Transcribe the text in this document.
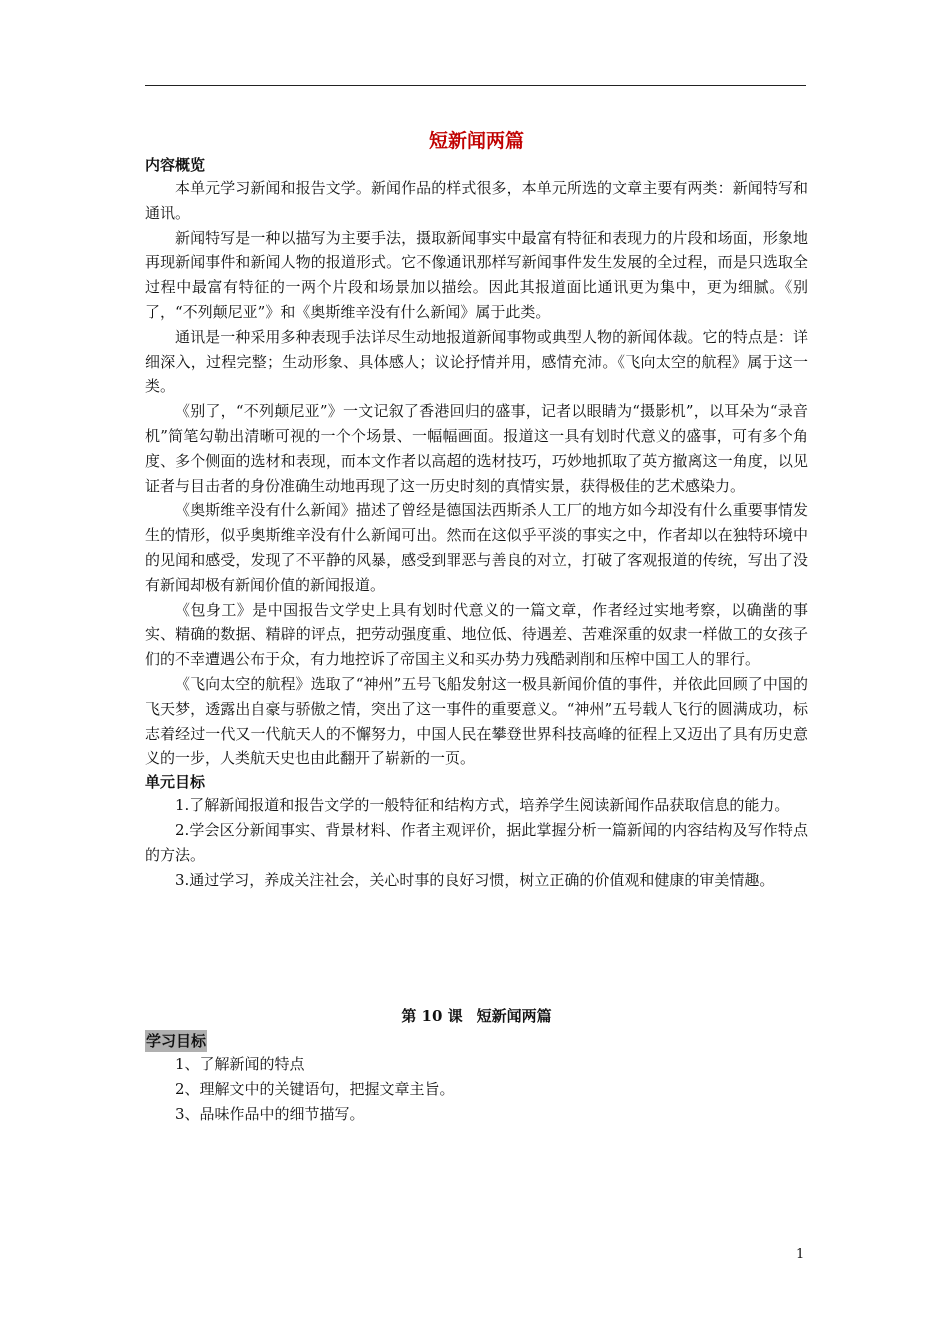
短新闻两篇
内容概览

本单元学习新闻和报告文学。新闻作品的样式很多，本单元所选的文章主要有两类：新闻特写和通讯。

新闻特写是一种以描写为主要手法，摄取新闻事实中最富有特征和表现力的片段和场面，形象地再现新闻事件和新闻人物的报道形式。它不像通讯那样写新闻事件发生发展的全过程，而是只选取全过程中最富有特征的一两个片段和场景加以描绘。因此其报道面比通讯更为集中，更为细腻。《别了，“不列颠尼亚”》和《奥斯维辛没有什么新闻》属于此类。

通讯是一种采用多种表现手法详尽生动地报道新闻事物或典型人物的新闻体裁。它的特点是：详细深入，过程完整；生动形象、具体感人；议论抒情并用，感情充沛。《飞向太空的航程》属于这一类。

《别了，“不列颠尼亚”》一文记叙了香港回归的盛事，记者以眼睛为“摄影机”，以耳朵为“录音机”简笔勾勒出清晰可视的一个个场景、一幅幅画面。报道这一具有划时代意义的盛事，可有多个角度、多个侧面的选材和表现，而本文作者以高超的选材技巧，巧妙地抓取了英方撤离这一角度，以见证者与目击者的身份准确生动地再现了这一历史时刻的真情实景，获得极佳的艺术感染力。

《奥斯维辛没有什么新闻》描述了曾经是德国法西斯杀人工厂的地方如今却没有什么重要事情发生的情形，似乎奥斯维辛没有什么新闻可出。然而在这似乎平淡的事实之中，作者却以在独特环境中的见闻和感受，发现了不平静的风暴，感受到罪恶与善良的对立，打破了客观报道的传统，写出了没有新闻却极有新闻价值的新闻报道。

《包身工》是中国报告文学史上具有划时代意义的一篇文章，作者经过实地考察，以确凿的事实、精确的数据、精辟的评点，把劳动强度重、地位低、待遇差、苦难深重的奴隶一样做工的女孩子们的不幸遭遇公布于众，有力地控诉了帝国主义和买办势力残酷剥削和压榨中国工人的罪行。

《飞向太空的航程》选取了“神州”五号飞船发射这一极具新闻价值的事件，并依此回顾了中国的飞天梦，透露出自豪与骄傲之情，突出了这一事件的重要意义。“神州”五号载人飞行的圆满成功，标志着经过一代又一代航天人的不懈努力，中国人民在攀登世界科技高峰的征程上又迈出了具有历史意义的一步，人类航天史也由此翻开了崭新的一页。

单元目标

1.了解新闻报道和报告文学的一般特征和结构方式，培养学生阅读新闻作品获取信息的能力。

2.学会区分新闻事实、背景材料、作者主观评价，据此掌握分析一篇新闻的内容结构及写作特点的方法。

3.通过学习，养成关注社会，关心时事的良好习惯，树立正确的价值观和健康的审美情趣。

第 10 课 短新闻两篇
学习目标
1、了解新闻的特点
2、理解文中的关键语句，把握文章主旨。
3、品味作品中的细节描写。
1
